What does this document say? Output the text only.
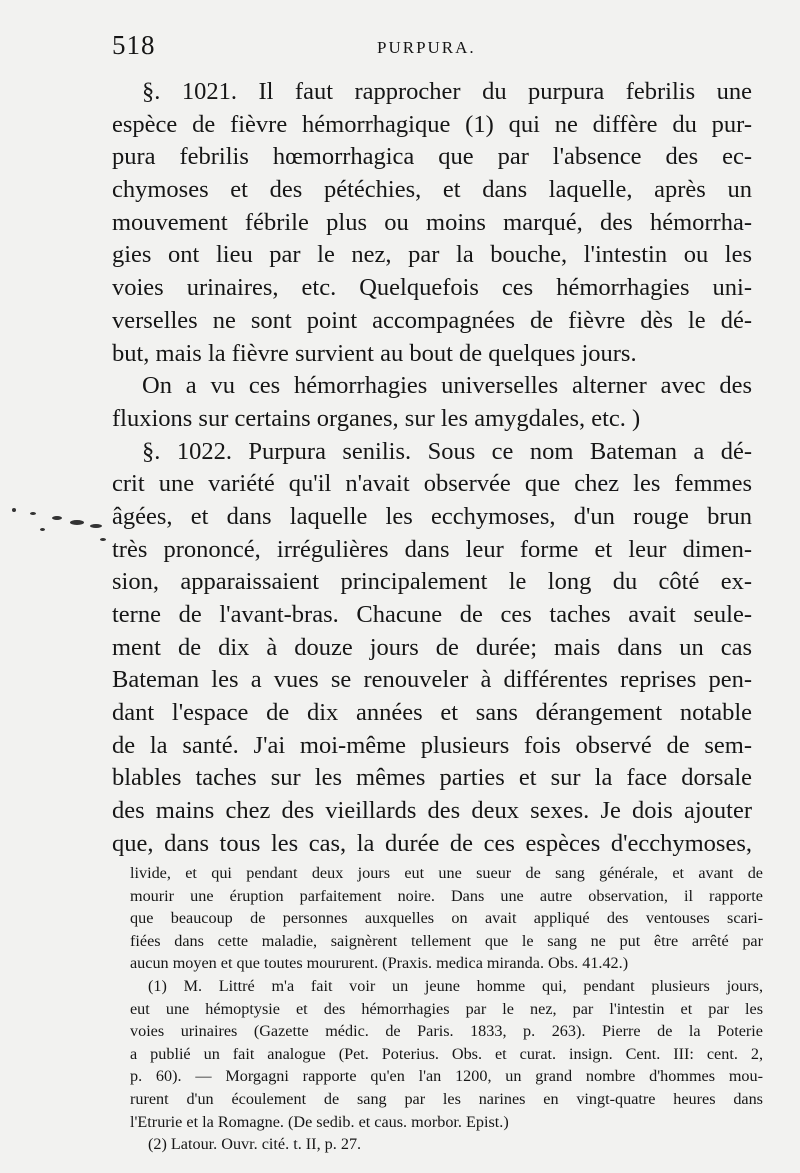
518	PURPURA.
§. 1021. Il faut rapprocher du purpura febrilis une
espèce de fièvre hémorrhagique (1) qui ne diffère du pur-
pura febrilis hœmorrhagica que par l'absence des ec-
chymoses et des pétéchies, et dans laquelle, après un
mouvement fébrile plus ou moins marqué, des hémorrha-
gies ont lieu par le nez, par la bouche, l'intestin ou les
voies urinaires, etc. Quelquefois ces hémorrhagies uni-
verselles ne sont point accompagnées de fièvre dès le dé-
but, mais la fièvre survient au bout de quelques jours.
On a vu ces hémorrhagies universelles alterner avec des
fluxions sur certains organes, sur les amygdales, etc. )
§. 1022. Purpura senilis. Sous ce nom Bateman a dé-
crit une variété qu'il n'avait observée que chez les femmes
âgées, et dans laquelle les ecchymoses, d'un rouge brun
très prononcé, irrégulières dans leur forme et leur dimen-
sion, apparaissaient principalement le long du côté ex-
terne de l'avant-bras. Chacune de ces taches avait seule-
ment de dix à douze jours de durée; mais dans un cas
Bateman les a vues se renouveler à différentes reprises pen-
dant l'espace de dix années et sans dérangement notable
de la santé. J'ai moi-même plusieurs fois observé de sem-
blables taches sur les mêmes parties et sur la face dorsale
des mains chez des vieillards des deux sexes. Je dois ajouter
que, dans tous les cas, la durée de ces espèces d'ecchymoses,
livide, et qui pendant deux jours eut une sueur de sang générale, et avant de
mourir une éruption parfaitement noire. Dans une autre observation, il rapporte
que beaucoup de personnes auxquelles on avait appliqué des ventouses scari-
fiées dans cette maladie, saignèrent tellement que le sang ne put être arrêté par
aucun moyen et que toutes moururent. (Praxis. medica miranda. Obs. 41.42.)
(1) M. Littré m'a fait voir un jeune homme qui, pendant plusieurs jours,
eut une hémoptysie et des hémorrhagies par le nez, par l'intestin et par les
voies urinaires (Gazette médic. de Paris. 1833, p. 263). Pierre de la Poterie
a publié un fait analogue (Pet. Poterius. Obs. et curat. insign. Cent. III: cent. 2,
p. 60). — Morgagni rapporte qu'en l'an 1200, un grand nombre d'hommes mou-
rurent d'un écoulement de sang par les narines en vingt-quatre heures dans
l'Etrurie et la Romagne. (De sedib. et caus. morbor. Epist.)
(2) Latour. Ouvr. cité. t. II, p. 27.
